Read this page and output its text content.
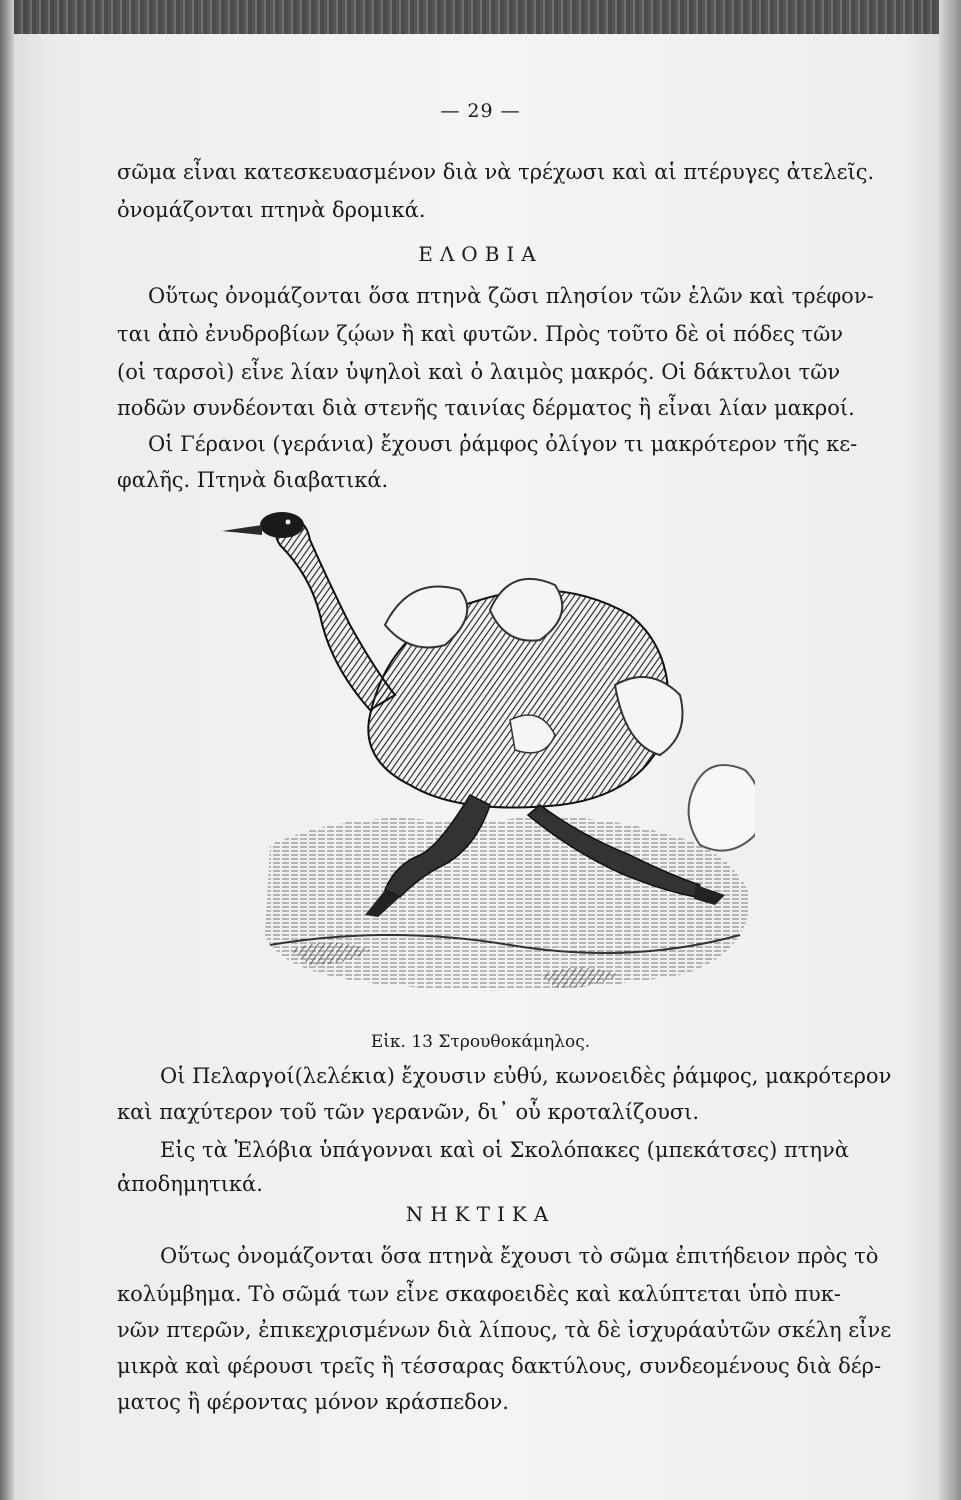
— 29 —
σῶμα εἶναι κατεσκευασμένον διὰ νὰ τρέχωσι καὶ αἱ πτέρυγες ἀτελεῖς.
ὀνομάζονται πτηνὰ δρομικά.
ΕΛΟΒΙΑ
Οὕτως ὀνομάζονται ὅσα πτηνὰ ζῶσι πλησίον τῶν ἑλῶν καὶ τρέφον-
ται ἀπὸ ἐνυδροβίων ζῴων ἢ καὶ φυτῶν. Πρὸς τοῦτο δὲ οἱ πόδες τῶν
(οἱ ταρσοὶ) εἶνε λίαν ὑψηλοὶ καὶ ὁ λαιμὸς μακρός. Οἱ δάκτυλοι τῶν
ποδῶν συνδέονται διὰ στενῆς ταινίας δέρματος ἢ εἶναι λίαν μακροί.
Οἱ Γέρανοι (γεράνια) ἔχουσι ῥάμφος ὀλίγον τι μακρότερον τῆς κε-
φαλῆς. Πτηνὰ διαβατικά.
Εἰκ. 13 Στρουθοκάμηλος.
Οἱ Πελαργοί(λελέκια) ἔχουσιν εὐθύ, κωνοειδὲς ῥάμφος, μακρότερον
καὶ παχύτερον τοῦ τῶν γερανῶν, δι᾽ οὗ κροταλίζουσι.
Εἰς τὰ Ἑλόβια ὑπάγονναι καὶ οἱ Σκολόπακες (μπεκάτσες) πτηνὰ
ἀποδημητικά.
ΝΗΚΤΙΚΑ
Οὕτως ὀνομάζονται ὅσα πτηνὰ ἔχουσι τὸ σῶμα ἐπιτήδειον πρὸς τὸ
κολύμβημα. Τὸ σῶμά των εἶνε σκαφοειδὲς καὶ καλύπτεται ὑπὸ πυκ-
νῶν πτερῶν, ἐπικεχρισμένων διὰ λίπους, τὰ δὲ ἰσχυράαὐτῶν σκέλη εἶνε
μικρὰ καὶ φέρουσι τρεῖς ἢ τέσσαρας δακτύλους, συνδεομένους διὰ δέρ-
ματος ἢ φέροντας μόνον κράσπεδον.
